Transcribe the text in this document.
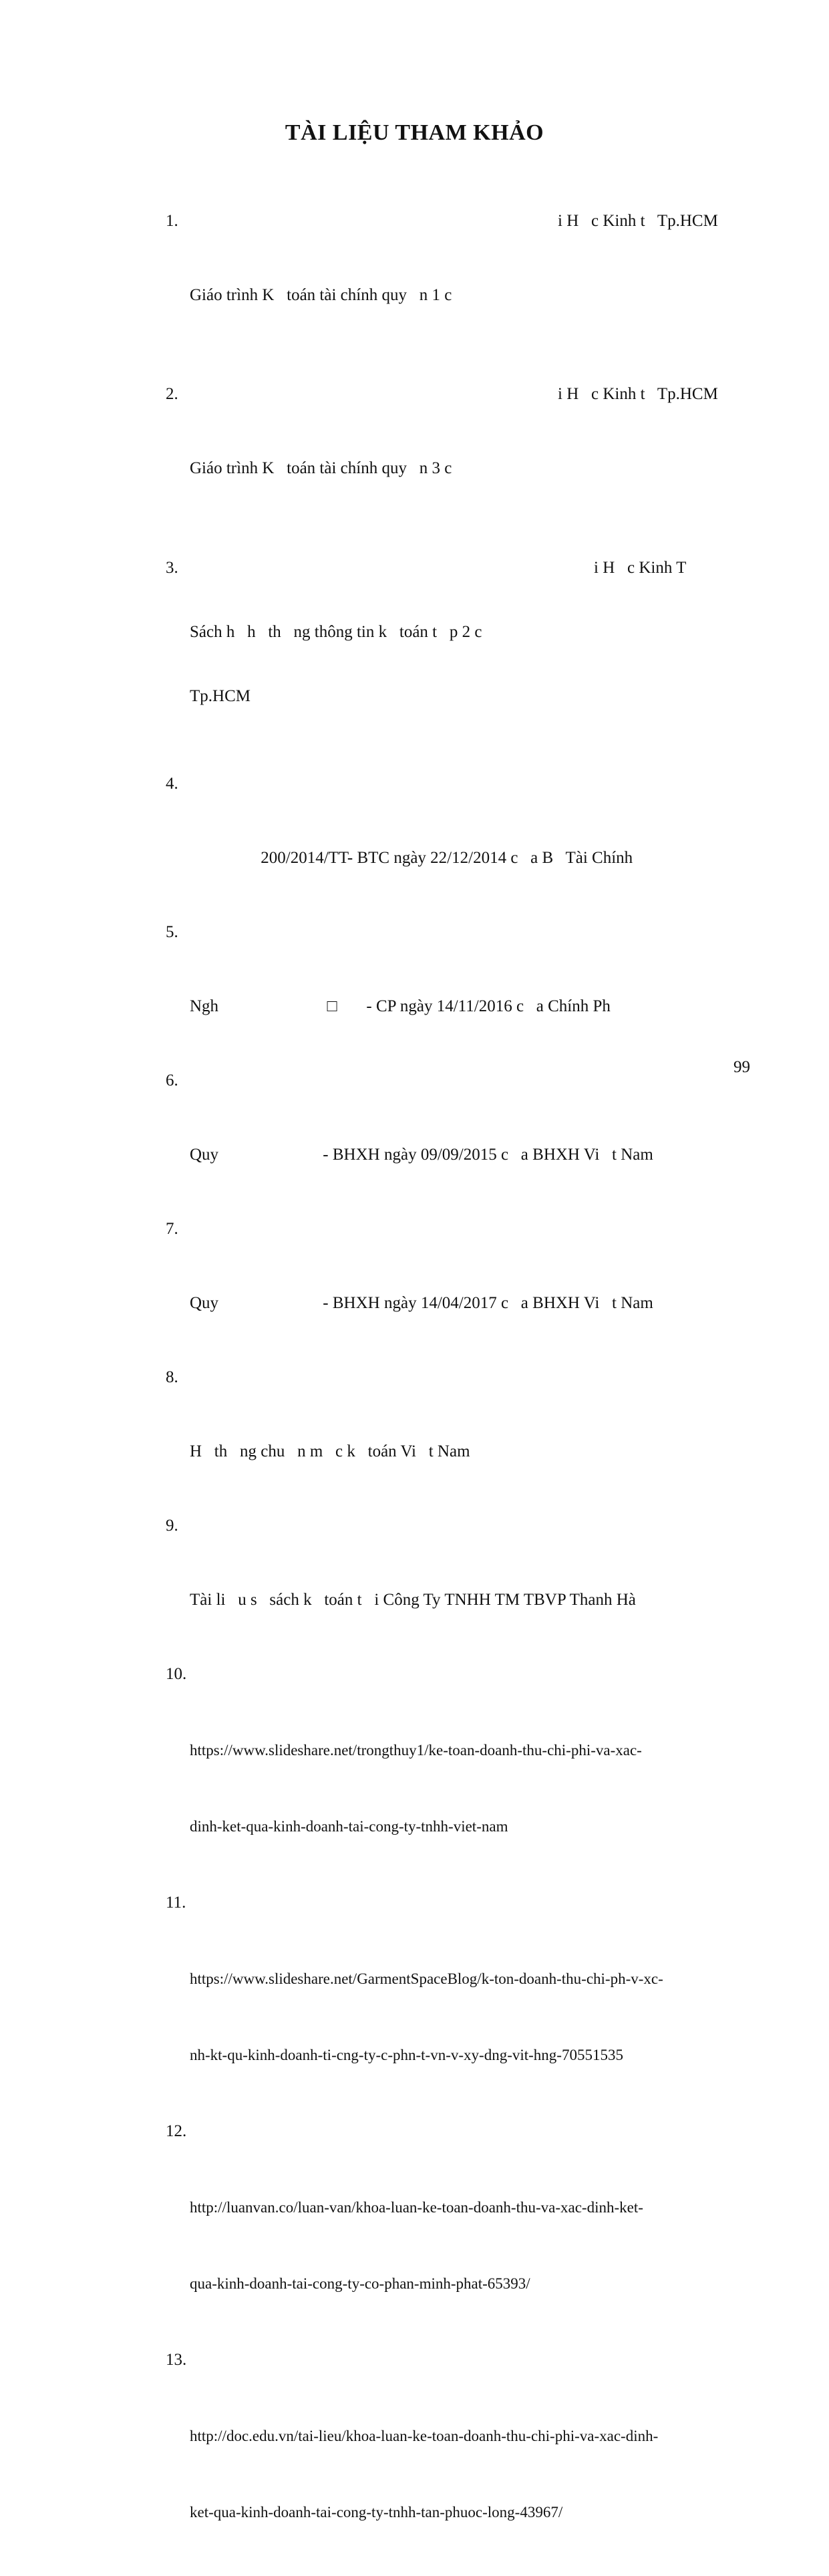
TÀI LIỆU THAM KHẢO

1.

Giáo trình K   toán tài chính quy   n 1 c

i H   c Kinh t   Tp.HCM

2.

Giáo trình K   toán tài chính quy   n 3 c

i H   c Kinh t   Tp.HCM

3.

Sách h   h   th   ng thông tin k   toán t   p 2 c

Tp.HCM

i H   c Kinh T

4.

200/2014/TT- BTC ngày 22/12/2014 c   a B   Tài Chính

5.

Ngh                          □       - CP ngày 14/11/2016 c   a Chính Ph

6.

Quy                         - BHXH ngày 09/09/2015 c   a BHXH Vi   t Nam

7.

Quy                         - BHXH ngày 14/04/2017 c   a BHXH Vi   t Nam

8.

H   th   ng chu   n m   c k   toán Vi   t Nam

9.

Tài li   u s   sách k   toán t   i Công Ty TNHH TM TBVP Thanh Hà

10.

https://www.slideshare.net/trongthuy1/ke-toan-doanh-thu-chi-phi-va-xac-

dinh-ket-qua-kinh-doanh-tai-cong-ty-tnhh-viet-nam

11.

https://www.slideshare.net/GarmentSpaceBlog/k-ton-doanh-thu-chi-ph-v-xc-

nh-kt-qu-kinh-doanh-ti-cng-ty-c-phn-t-vn-v-xy-dng-vit-hng-70551535

12.

http://luanvan.co/luan-van/khoa-luan-ke-toan-doanh-thu-va-xac-dinh-ket-

qua-kinh-doanh-tai-cong-ty-co-phan-minh-phat-65393/

13.

http://doc.edu.vn/tai-lieu/khoa-luan-ke-toan-doanh-thu-chi-phi-va-xac-dinh-

ket-qua-kinh-doanh-tai-cong-ty-tnhh-tan-phuoc-long-43967/

99
